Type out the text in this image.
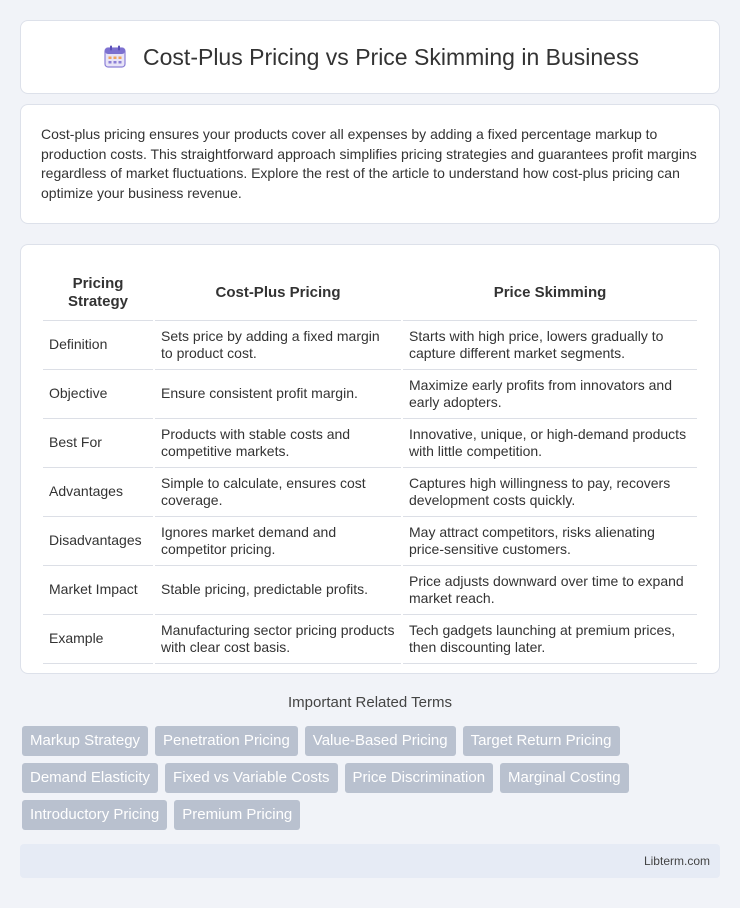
Cost-Plus Pricing vs Price Skimming in Business

Cost-plus pricing ensures your products cover all expenses by adding a fixed percentage markup to production costs. This straightforward approach simplifies pricing strategies and guarantees profit margins regardless of market fluctuations. Explore the rest of the article to understand how cost-plus pricing can optimize your business revenue.

Pricing Strategy	Cost-Plus Pricing	Price Skimming
Definition	Sets price by adding a fixed margin to product cost.	Starts with high price, lowers gradually to capture different market segments.
Objective	Ensure consistent profit margin.	Maximize early profits from innovators and early adopters.
Best For	Products with stable costs and competitive markets.	Innovative, unique, or high-demand products with little competition.
Advantages	Simple to calculate, ensures cost coverage.	Captures high willingness to pay, recovers development costs quickly.
Disadvantages	Ignores market demand and competitor pricing.	May attract competitors, risks alienating price-sensitive customers.
Market Impact	Stable pricing, predictable profits.	Price adjusts downward over time to expand market reach.
Example	Manufacturing sector pricing products with clear cost basis.	Tech gadgets launching at premium prices, then discounting later.
Important Related Terms
Markup Strategy	Penetration Pricing	Value-Based Pricing	Target Return Pricing
Demand Elasticity	Fixed vs Variable Costs	Price Discrimination	Marginal Costing
Introductory Pricing	Premium Pricing
Libterm.com
